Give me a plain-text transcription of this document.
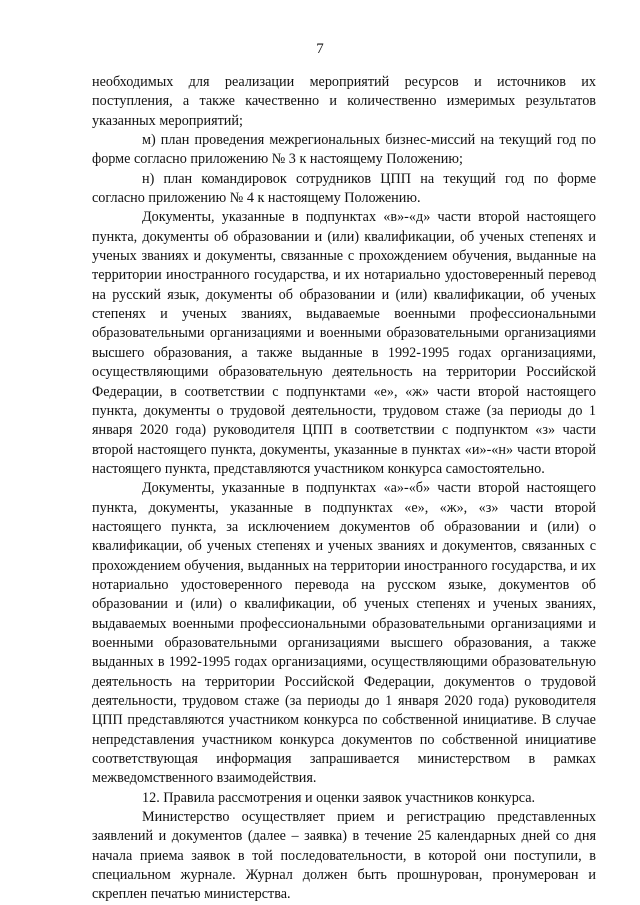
7

необходимых для реализации мероприятий ресурсов и источников их поступления, а также качественно и количественно измеримых результатов указанных мероприятий;

м) план проведения межрегиональных бизнес-миссий на текущий год по форме согласно приложению № 3 к настоящему Положению;

н) план командировок сотрудников ЦПП на текущий год по форме согласно приложению № 4 к настоящему Положению.

Документы, указанные в подпунктах «в»-«д» части второй настоящего пункта, документы об образовании и (или) квалификации, об ученых степенях и ученых званиях и документы, связанные с прохождением обучения, выданные на территории иностранного государства, и их нотариально удостоверенный перевод на русский язык, документы об образовании и (или) квалификации, об ученых степенях и ученых званиях, выдаваемые военными профессиональными образовательными организациями и военными образовательными организациями высшего образования, а также выданные в 1992-1995 годах организациями, осуществляющими образовательную деятельность на территории Российской Федерации, в соответствии с подпунктами «е», «ж» части второй настоящего пункта, документы о трудовой деятельности, трудовом стаже (за периоды до 1 января 2020 года) руководителя ЦПП в соответствии с подпунктом «з» части второй настоящего пункта, документы, указанные в пунктах «и»-«н» части второй настоящего пункта, представляются участником конкурса самостоятельно.

Документы, указанные в подпунктах «а»-«б» части второй настоящего пункта, документы, указанные в подпунктах «е», «ж», «з» части второй настоящего пункта, за исключением документов об образовании и (или) о квалификации, об ученых степенях и ученых званиях и документов, связанных с прохождением обучения, выданных на территории иностранного государства, и их нотариально удостоверенного перевода на русском языке, документов об образовании и (или) о квалификации, об ученых степенях и ученых званиях, выдаваемых военными профессиональными образовательными организациями и военными образовательными организациями высшего образования, а также выданных в 1992-1995 годах организациями, осуществляющими образовательную деятельность на территории Российской Федерации, документов о трудовой деятельности, трудовом стаже (за периоды до 1 января 2020 года) руководителя ЦПП представляются участником конкурса по собственной инициативе. В случае непредставления участником конкурса документов по собственной инициативе соответствующая информация запрашивается министерством в рамках межведомственного взаимодействия.

12. Правила рассмотрения и оценки заявок участников конкурса.

Министерство осуществляет прием и регистрацию представленных заявлений и документов (далее – заявка) в течение 25 календарных дней со дня начала приема заявок в той последовательности, в которой они поступили, в специальном журнале. Журнал должен быть прошнурован, пронумерован и скреплен печатью министерства.
